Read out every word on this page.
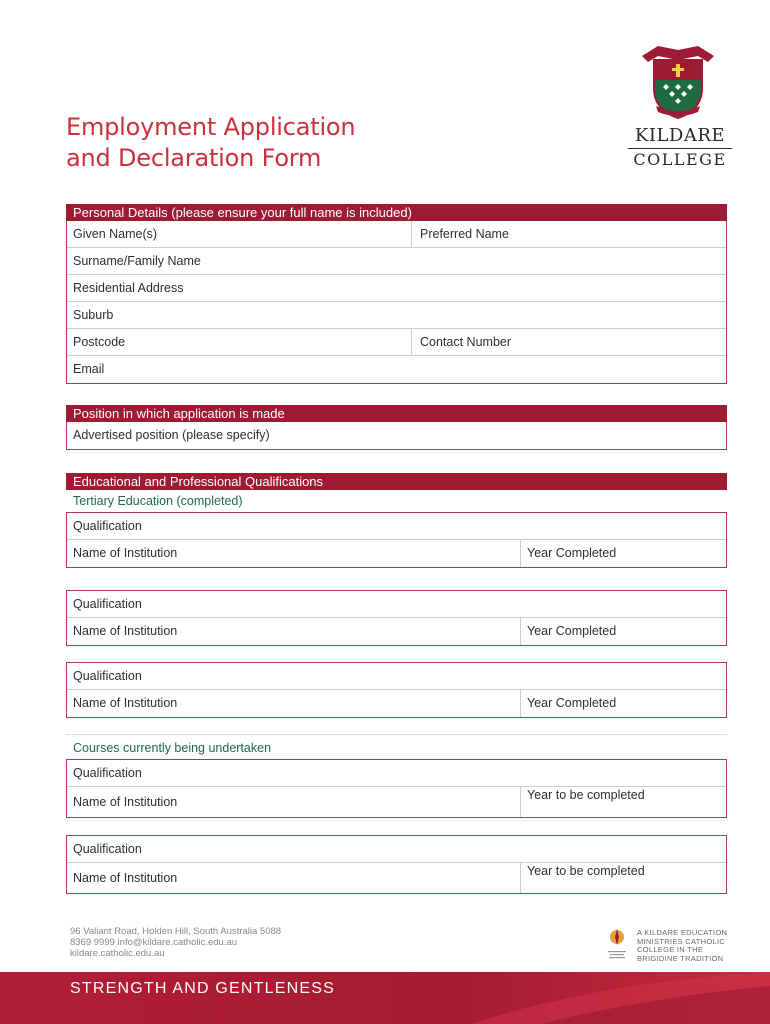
Employment Application
and Declaration Form
KILDARE
COLLEGE
Personal Details (please ensure your full name is included)
Given Name(s)	Preferred Name
Surname/Family Name
Residential Address
Suburb
Postcode	Contact Number
Email
Position in which application is made
Advertised position (please specify)
Educational and Professional Qualifications
Tertiary Education (completed)
Qualification
Name of Institution	Year Completed
Qualification
Name of Institution	Year Completed
Qualification
Name of Institution	Year Completed
Courses currently being undertaken
Qualification
Name of Institution	Year to be completed
Qualification
Name of Institution	Year to be completed
96 Valiant Road, Holden Hill, South Australia 5088
8369 9999 info@kildare.catholic.edu.au
kildare.catholic.edu.au
A KILDARE EDUCATION MINISTRIES CATHOLIC COLLEGE IN THE BRIGIDINE TRADITION
STRENGTH AND GENTLENESS
